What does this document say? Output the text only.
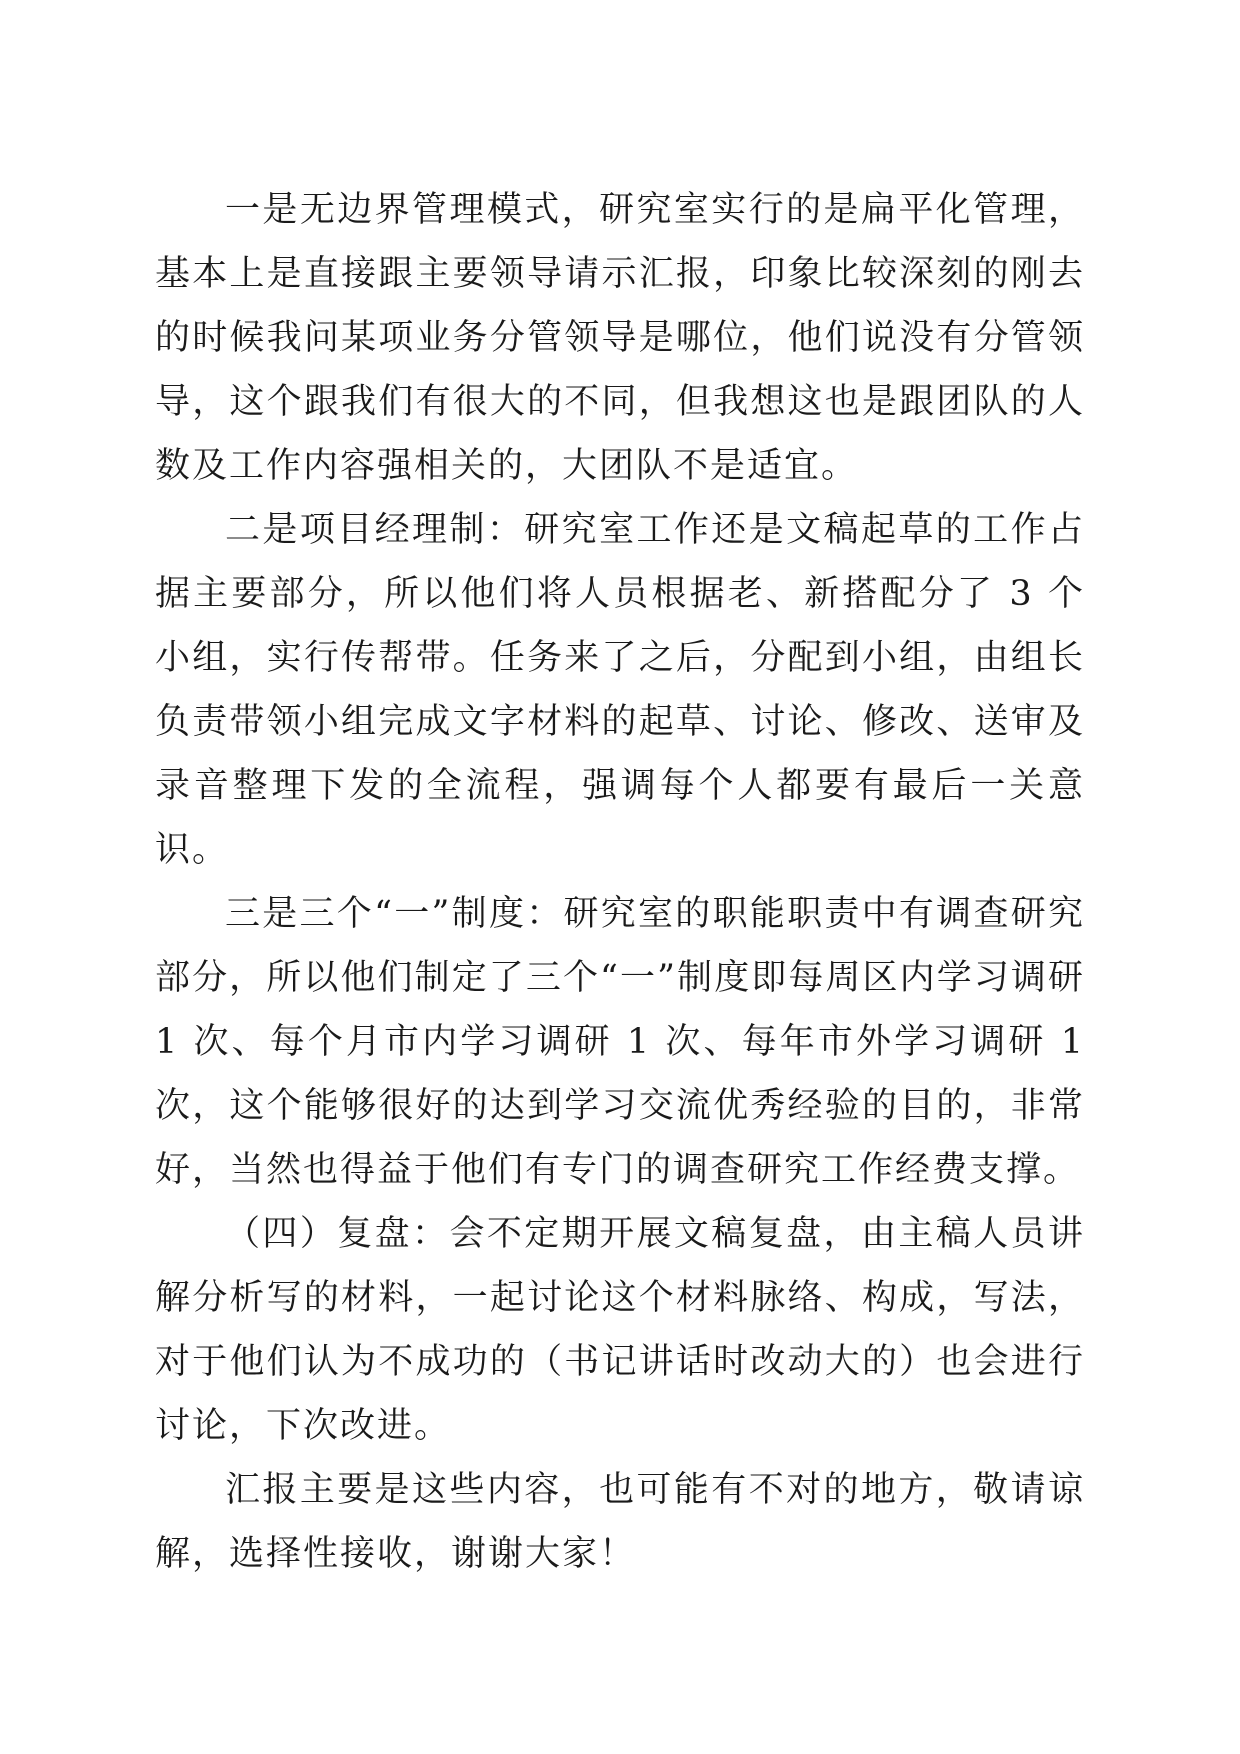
一是无边界管理模式，研究室实行的是扁平化管理，基本上是直接跟主要领导请示汇报，印象比较深刻的刚去的时候我问某项业务分管领导是哪位，他们说没有分管领导，这个跟我们有很大的不同，但我想这也是跟团队的人数及工作内容强相关的，大团队不是适宜。

二是项目经理制：研究室工作还是文稿起草的工作占据主要部分，所以他们将人员根据老、新搭配分了 3 个小组，实行传帮带。任务来了之后，分配到小组，由组长负责带领小组完成文字材料的起草、讨论、修改、送审及录音整理下发的全流程，强调每个人都要有最后一关意识。

三是三个“一”制度：研究室的职能职责中有调查研究部分，所以他们制定了三个“一”制度即每周区内学习调研 1 次、每个月市内学习调研 1 次、每年市外学习调研 1 次，这个能够很好的达到学习交流优秀经验的目的，非常好，当然也得益于他们有专门的调查研究工作经费支撑。

（四）复盘：会不定期开展文稿复盘，由主稿人员讲解分析写的材料，一起讨论这个材料脉络、构成，写法，对于他们认为不成功的（书记讲话时改动大的）也会进行讨论，下次改进。

汇报主要是这些内容，也可能有不对的地方，敬请谅解，选择性接收，谢谢大家！
